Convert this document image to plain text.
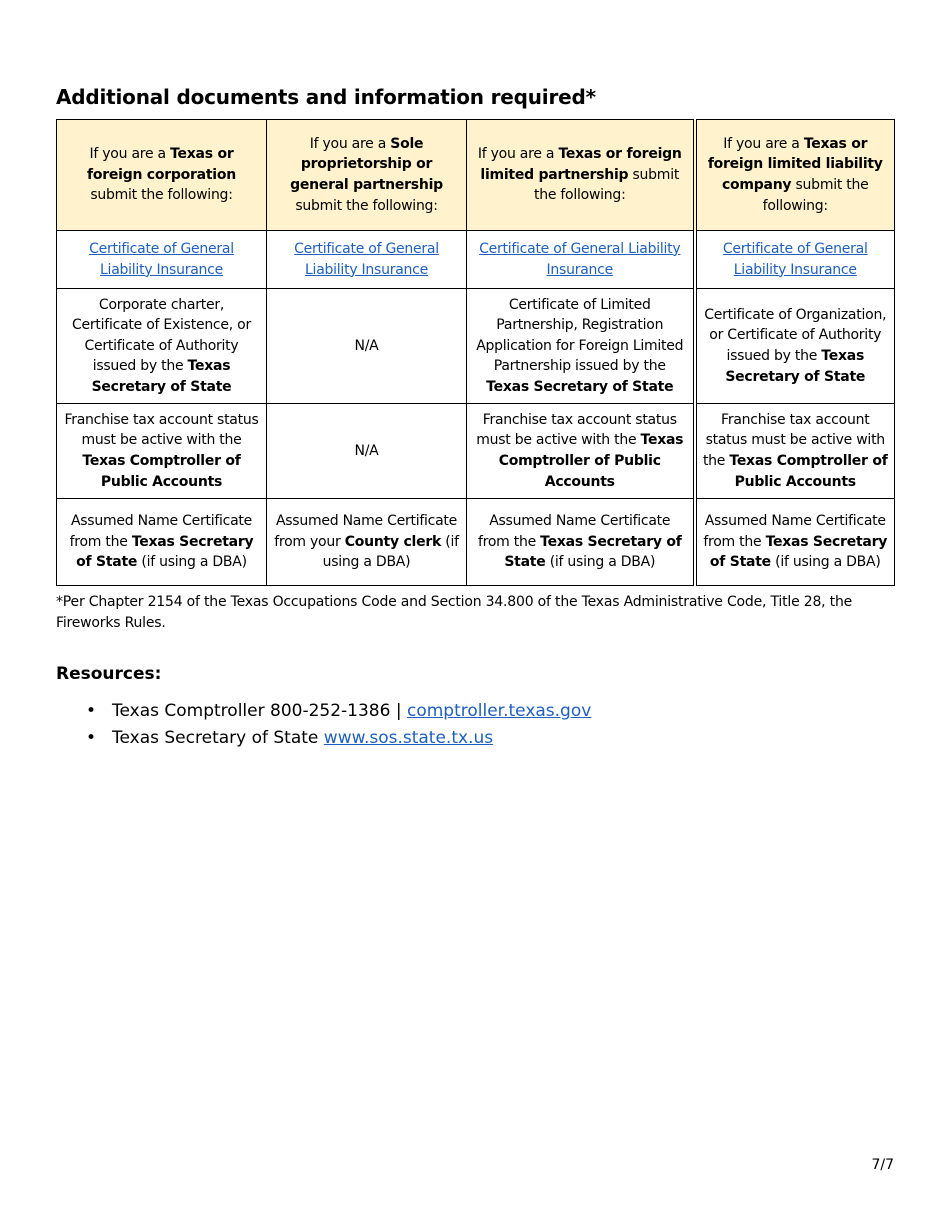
Additional documents and information required*
If you are a Texas or foreign corporation submit the following:	If you are a Sole proprietorship or general partnership submit the following:	If you are a Texas or foreign limited partnership submit the following:	If you are a Texas or foreign limited liability company submit the following:
Certificate of General Liability Insurance	Certificate of General Liability Insurance	Certificate of General Liability Insurance	Certificate of General Liability Insurance
Corporate charter, Certificate of Existence, or Certificate of Authority issued by the Texas Secretary of State	N/A	Certificate of Limited Partnership, Registration Application for Foreign Limited Partnership issued by the Texas Secretary of State	Certificate of Organization, or Certificate of Authority issued by the Texas Secretary of State
Franchise tax account status must be active with the Texas Comptroller of Public Accounts	N/A	Franchise tax account status must be active with the Texas Comptroller of Public Accounts	Franchise tax account status must be active with the Texas Comptroller of Public Accounts
Assumed Name Certificate from the Texas Secretary of State (if using a DBA)	Assumed Name Certificate from your County clerk (if using a DBA)	Assumed Name Certificate from the Texas Secretary of State (if using a DBA)	Assumed Name Certificate from the Texas Secretary of State (if using a DBA)

*Per Chapter 2154 of the Texas Occupations Code and Section 34.800 of the Texas Administrative Code, Title 28, the Fireworks Rules.

Resources:
• Texas Comptroller 800-252-1386 | comptroller.texas.gov
• Texas Secretary of State www.sos.state.tx.us
7/7
